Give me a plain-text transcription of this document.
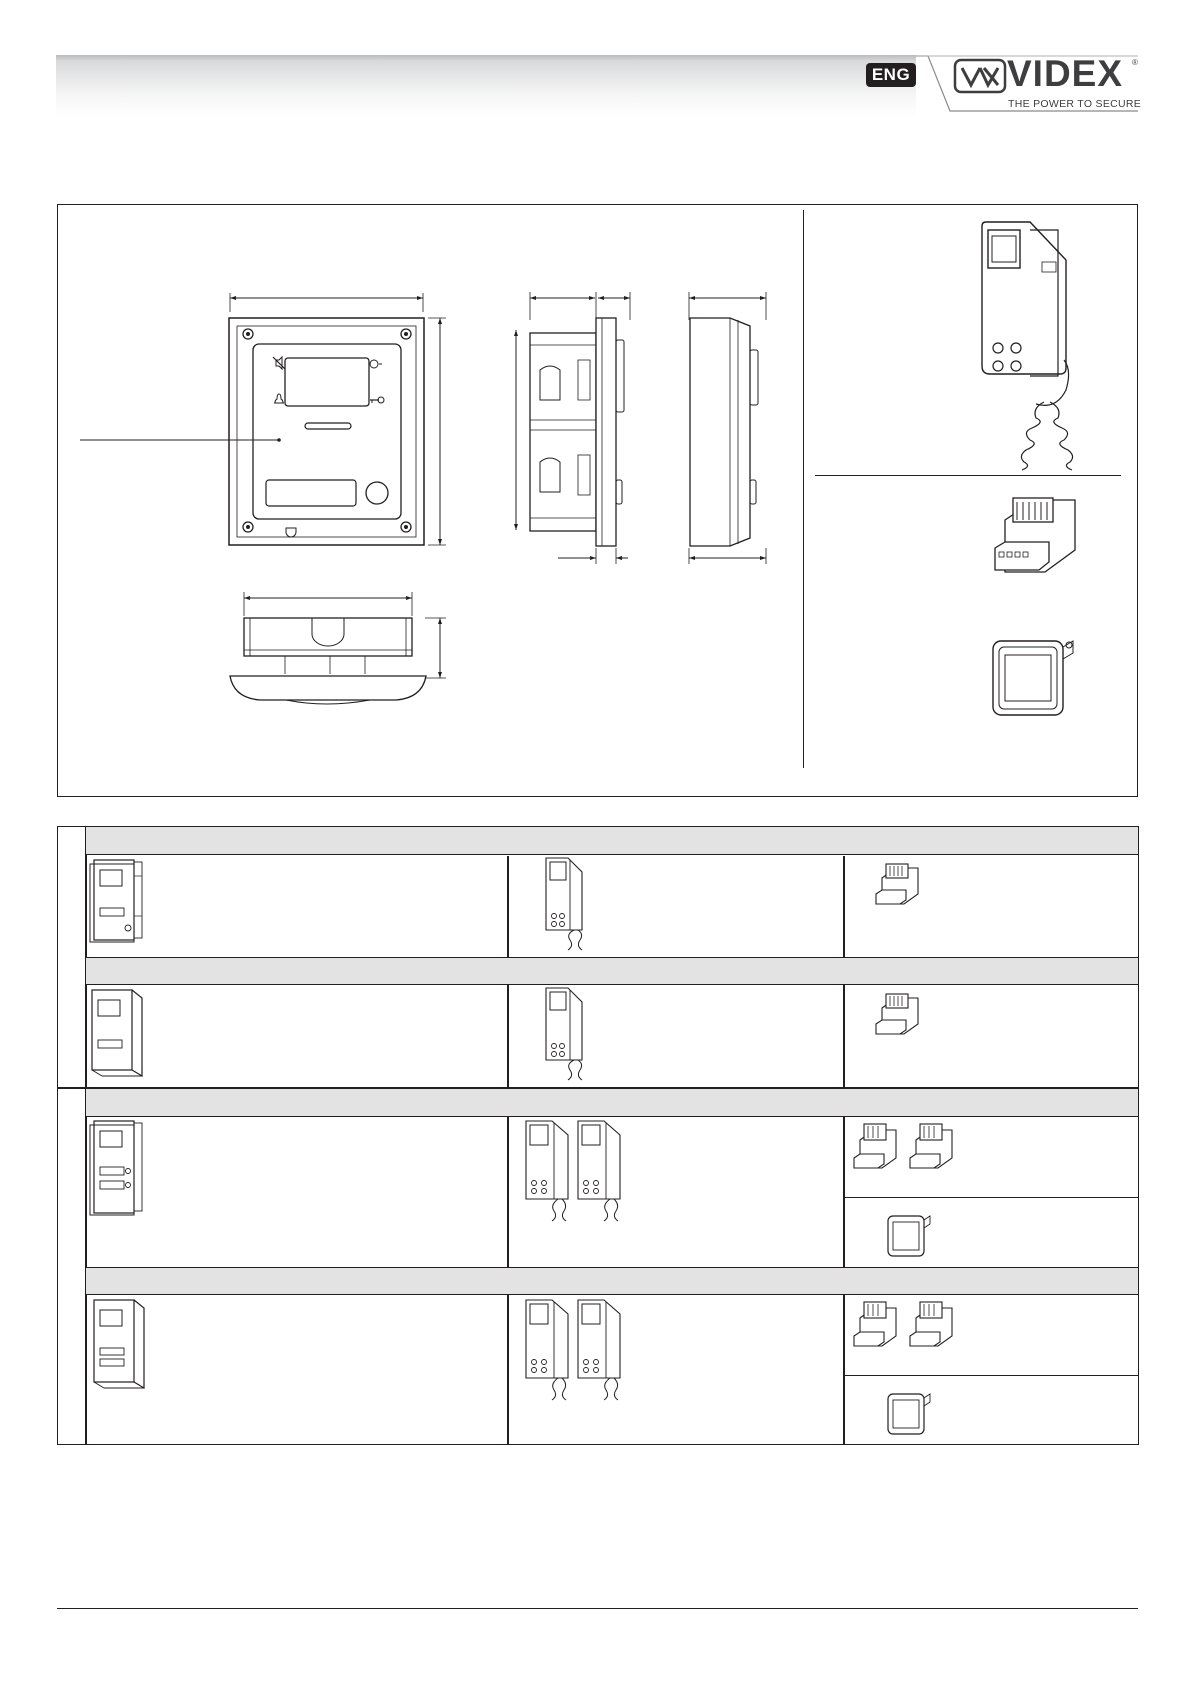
ENG	VIDEX ®
THE POWER TO SECURE
